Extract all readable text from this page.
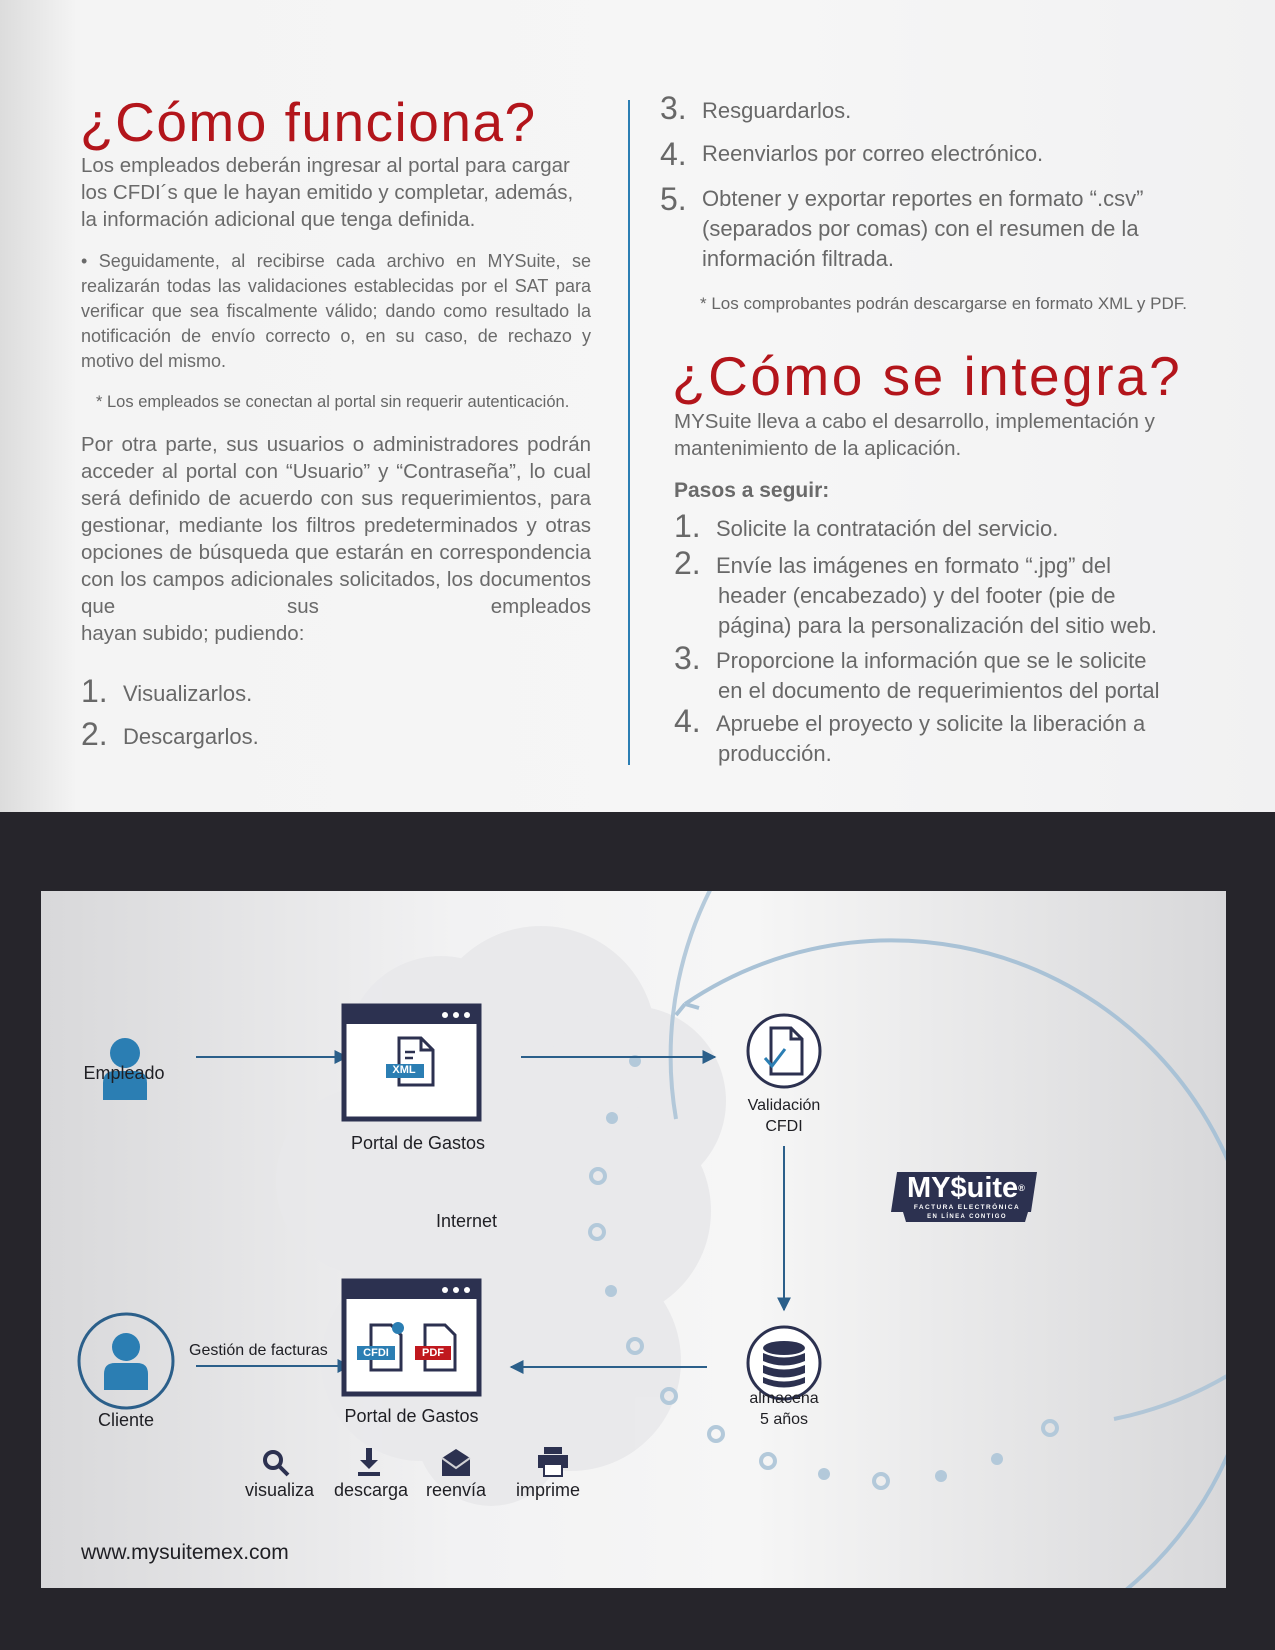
¿Cómo funciona?

Los empleados deberán ingresar al portal para cargar los CFDI´s que le hayan emitido y completar, además, la información adicional que tenga definida.

• Seguidamente, al recibirse cada archivo en MYSuite, se realizarán todas las validaciones establecidas por el SAT para verificar que sea fiscalmente válido; dando como resultado la notificación de envío correcto o, en su caso, de rechazo y motivo del mismo.

* Los empleados se conectan al portal sin requerir autenticación.

Por otra parte, sus usuarios o administradores podrán acceder al portal con “Usuario” y “Contraseña”, lo cual será definido de acuerdo con sus requerimientos, para gestionar, mediante los filtros predeterminados y otras opciones de búsqueda que estarán en correspondencia con los campos adicionales solicitados, los documentos que sus empleados
hayan subido; pudiendo:

1. Visualizarlos.
2. Descargarlos.
3. Resguardarlos.
4. Reenviarlos por correo electrónico.
5. Obtener y exportar reportes en formato “.csv”
(separados por comas) con el resumen de la
información filtrada.

* Los comprobantes podrán descargarse en formato XML y PDF.

¿Cómo se integra?

MYSuite lleva a cabo el desarrollo, implementación y
mantenimiento de la aplicación.

Pasos a seguir:

1. Solicite la contratación del servicio.
2. Envíe las imágenes en formato “.jpg” del
header (encabezado) y del footer (pie de
página) para la personalización del sitio web.
3. Proporcione la información que se le solicite
en el documento de requerimientos del portal
4. Apruebe el proyecto y solicite la liberación a
producción.
Empleado
Portal de Gastos
Internet
Gestión de facturas
Cliente	Portal de Gastos
Validación
CFDI
almacena
5 años
visualiza descarga reenvía imprime
XML
CFDI	PDF
MY$uite®
FACTURA ELECTRÓNICA
EN LÍNEA CONTIGO
www.mysuitemex.com
